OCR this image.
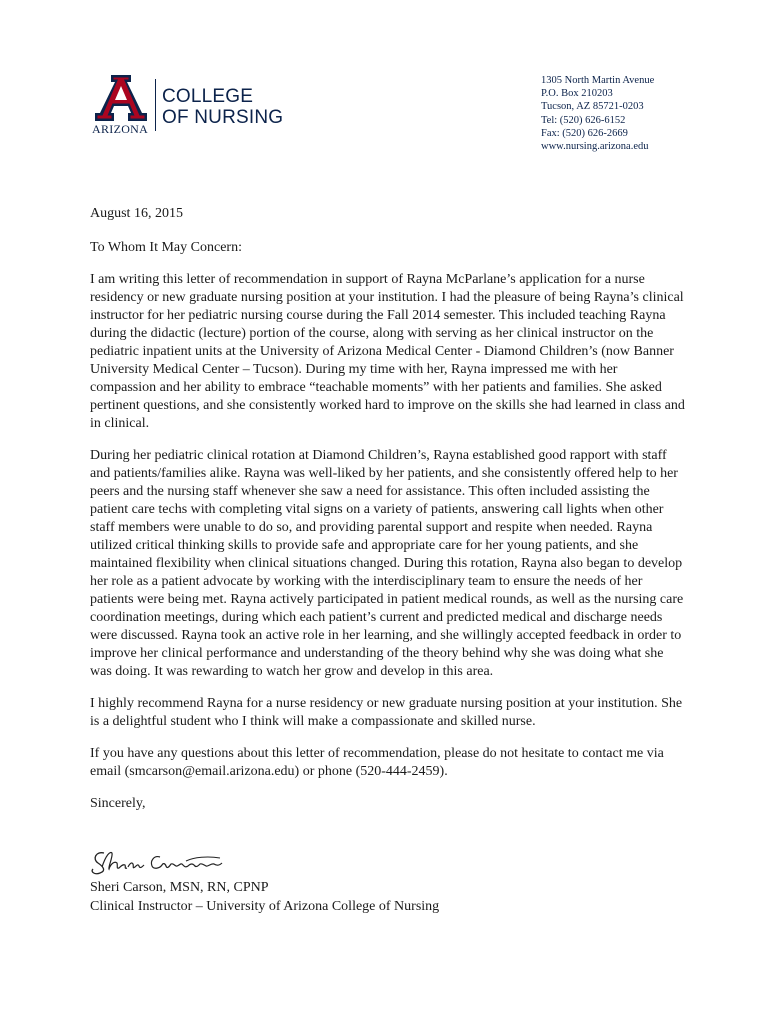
ARIZONA
COLLEGE
OF NURSING
1305 North Martin Avenue
P.O. Box 210203
Tucson, AZ 85721-0203
Tel: (520) 626-6152
Fax: (520) 626-2669
www.nursing.arizona.edu

August 16, 2015

To Whom It May Concern:

I am writing this letter of recommendation in support of Rayna McParlane’s application for a nurse residency or new graduate nursing position at your institution. I had the pleasure of being Rayna’s clinical instructor for her pediatric nursing course during the Fall 2014 semester. This included teaching Rayna during the didactic (lecture) portion of the course, along with serving as her clinical instructor on the pediatric inpatient units at the University of Arizona Medical Center - Diamond Children’s (now Banner University Medical Center – Tucson). During my time with her, Rayna impressed me with her compassion and her ability to embrace “teachable moments” with her patients and families. She asked pertinent questions, and she consistently worked hard to improve on the skills she had learned in class and in clinical.

During her pediatric clinical rotation at Diamond Children’s, Rayna established good rapport with staff and patients/families alike. Rayna was well-liked by her patients, and she consistently offered help to her peers and the nursing staff whenever she saw a need for assistance. This often included assisting the patient care techs with completing vital signs on a variety of patients, answering call lights when other staff members were unable to do so, and providing parental support and respite when needed. Rayna utilized critical thinking skills to provide safe and appropriate care for her young patients, and she maintained flexibility when clinical situations changed. During this rotation, Rayna also began to develop her role as a patient advocate by working with the interdisciplinary team to ensure the needs of her patients were being met. Rayna actively participated in patient medical rounds, as well as the nursing care coordination meetings, during which each patient’s current and predicted medical and discharge needs were discussed. Rayna took an active role in her learning, and she willingly accepted feedback in order to improve her clinical performance and understanding of the theory behind why she was doing what she was doing. It was rewarding to watch her grow and develop in this area.

I highly recommend Rayna for a nurse residency or new graduate nursing position at your institution. She is a delightful student who I think will make a compassionate and skilled nurse.

If you have any questions about this letter of recommendation, please do not hesitate to contact me via email (smcarson@email.arizona.edu) or phone (520-444-2459).

Sincerely,

Sheri Carson, MSN, RN, CPNP
Clinical Instructor – University of Arizona College of Nursing
